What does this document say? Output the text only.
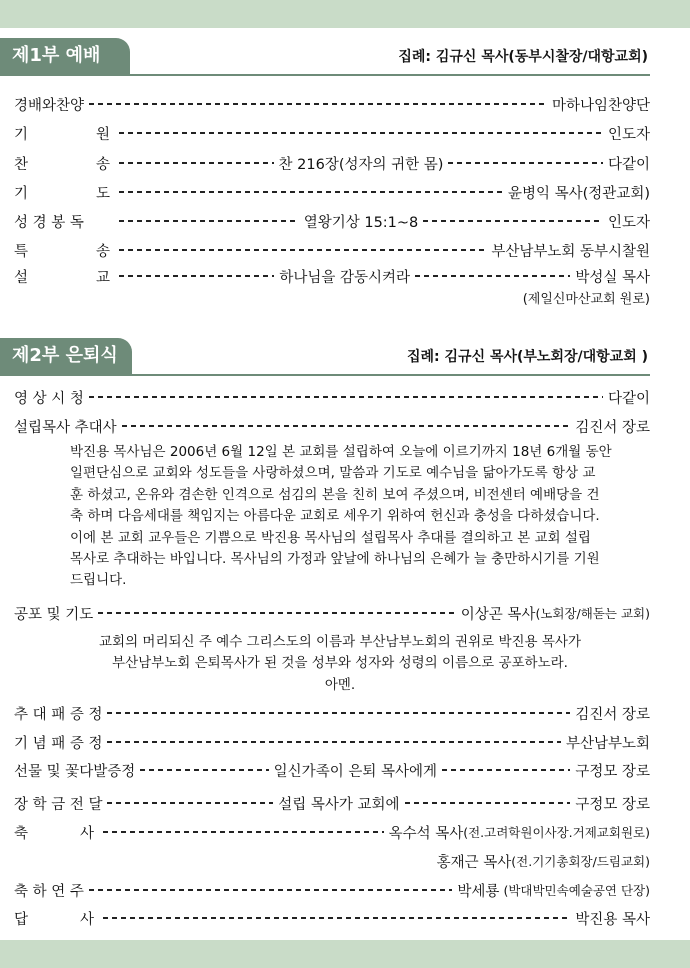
제1부 예배	집례: 김규신 목사(동부시찰장/대항교회)
경배와찬양	마하나임찬양단
기	원	인도자
찬	송	찬 216장(성자의 귀한 몸)	다같이
기	도	윤병익 목사(정관교회)
성 경 봉 독	열왕기상 15:1~8	인도자
특	송	부산남부노회 동부시찰원
설	교	하나님을 감동시켜라	박성실 목사
(제일신마산교회 원로)
제2부 은퇴식	집례: 김규신 목사(부노회장/대항교회 )
영 상 시 청	다같이
설립목사 추대사	김진서 장로
박진용 목사님은 2006년 6월 12일 본 교회를 설립하여 오늘에 이르기까지 18년 6개월 동안
일편단심으로 교회와 성도들을 사랑하셨으며, 말씀과 기도로 예수님을 닮아가도록 항상 교
훈 하셨고, 온유와 겸손한 인격으로 섬김의 본을 친히 보여 주셨으며, 비전센터 예배당을 건
축 하며 다음세대를 책임지는 아름다운 교회로 세우기 위하여 헌신과 충성을 다하셨습니다.
이에 본 교회 교우들은 기쁨으로 박진용 목사님의 설립목사 추대를 결의하고 본 교회 설립
목사로 추대하는 바입니다. 목사님의 가정과 앞날에 하나님의 은혜가 늘 충만하시기를 기원
드립니다.
공포 및 기도	이상곤 목사 (노회장/해돋는 교회)
교회의 머리되신 주 예수 그리스도의 이름과 부산남부노회의 권위로 박진용 목사가
부산남부노회 은퇴목사가 된 것을 성부와 성자와 성령의 이름으로 공포하노라.
아멘.
추 대 패 증 정	김진서 장로
기 념 패 증 정	부산남부노회
선물 및 꽃다발증정	일신가족이 은퇴 목사에게	구정모 장로
장 학 금 전 달	설립 목사가 교회에	구정모 장로
축	사	옥수석 목사 (전.고려학원이사장.거제교회원로)
홍재근 목사 (전.기기총회장/드림교회)
축 하 연 주	박세룡 (박대박민속예술공연 단장)
답	사	박진용 목사
